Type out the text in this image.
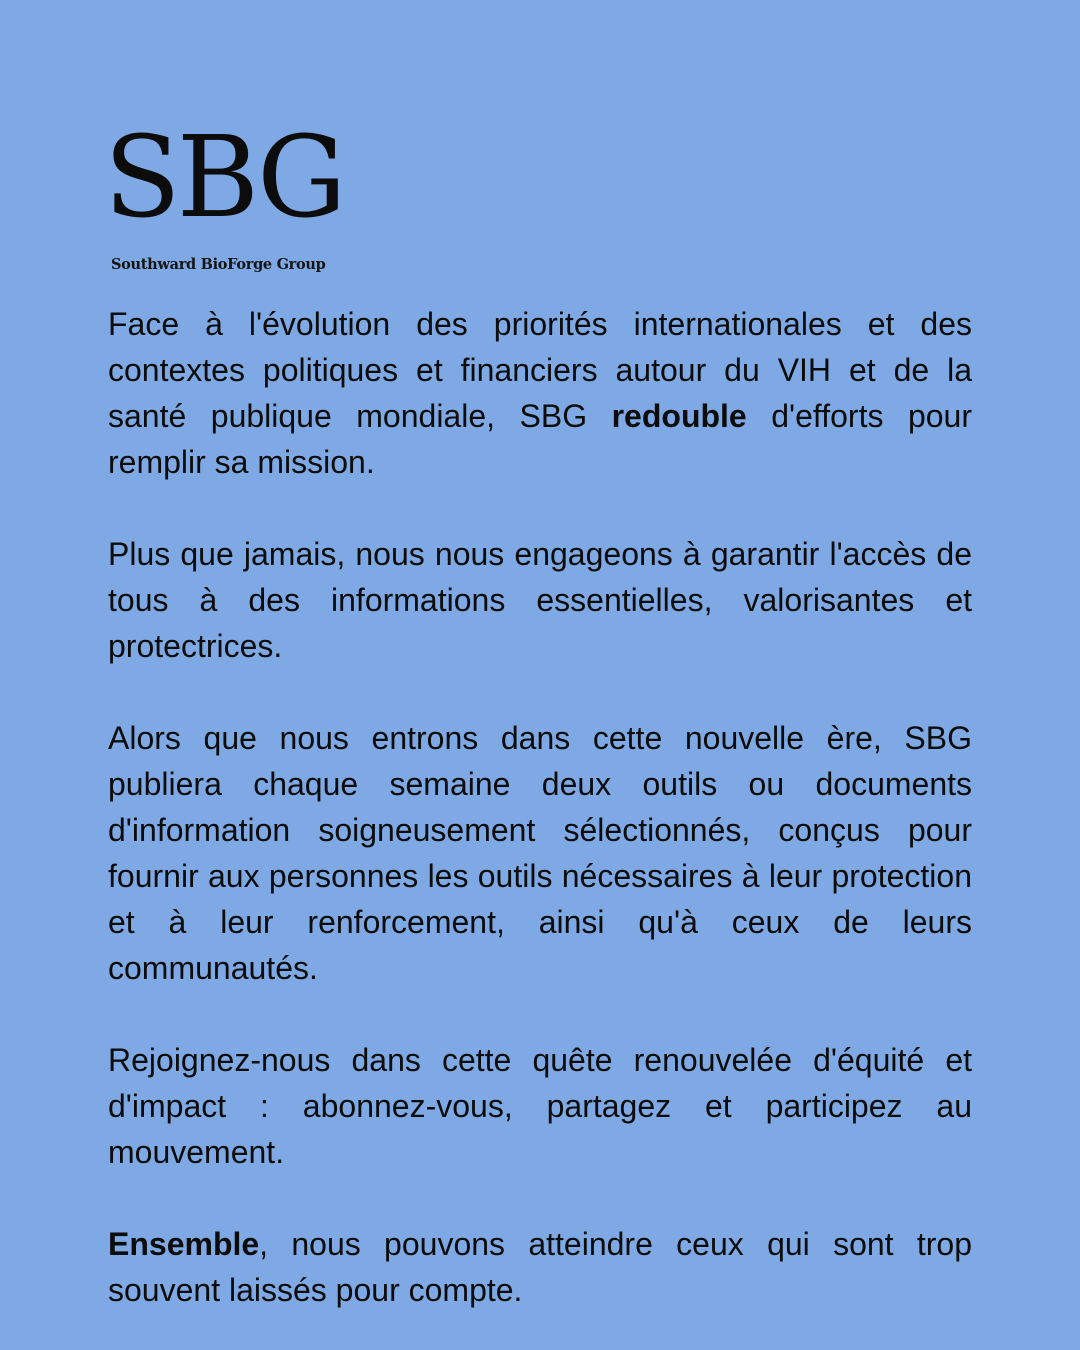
SBG
Southward BioForge Group

Face à l'évolution des priorités internationales et des contextes politiques et financiers autour du VIH et de la santé publique mondiale, SBG redouble d'efforts pour remplir sa mission.

Plus que jamais, nous nous engageons à garantir l'accès de tous à des informations essentielles, valorisantes et protectrices.

Alors que nous entrons dans cette nouvelle ère, SBG publiera chaque semaine deux outils ou documents d'information soigneusement sélectionnés, conçus pour fournir aux personnes les outils nécessaires à leur protection et à leur renforcement, ainsi qu'à ceux de leurs communautés.

Rejoignez-nous dans cette quête renouvelée d'équité et d'impact : abonnez-vous, partagez et participez au mouvement.

Ensemble, nous pouvons atteindre ceux qui sont trop souvent laissés pour compte.
